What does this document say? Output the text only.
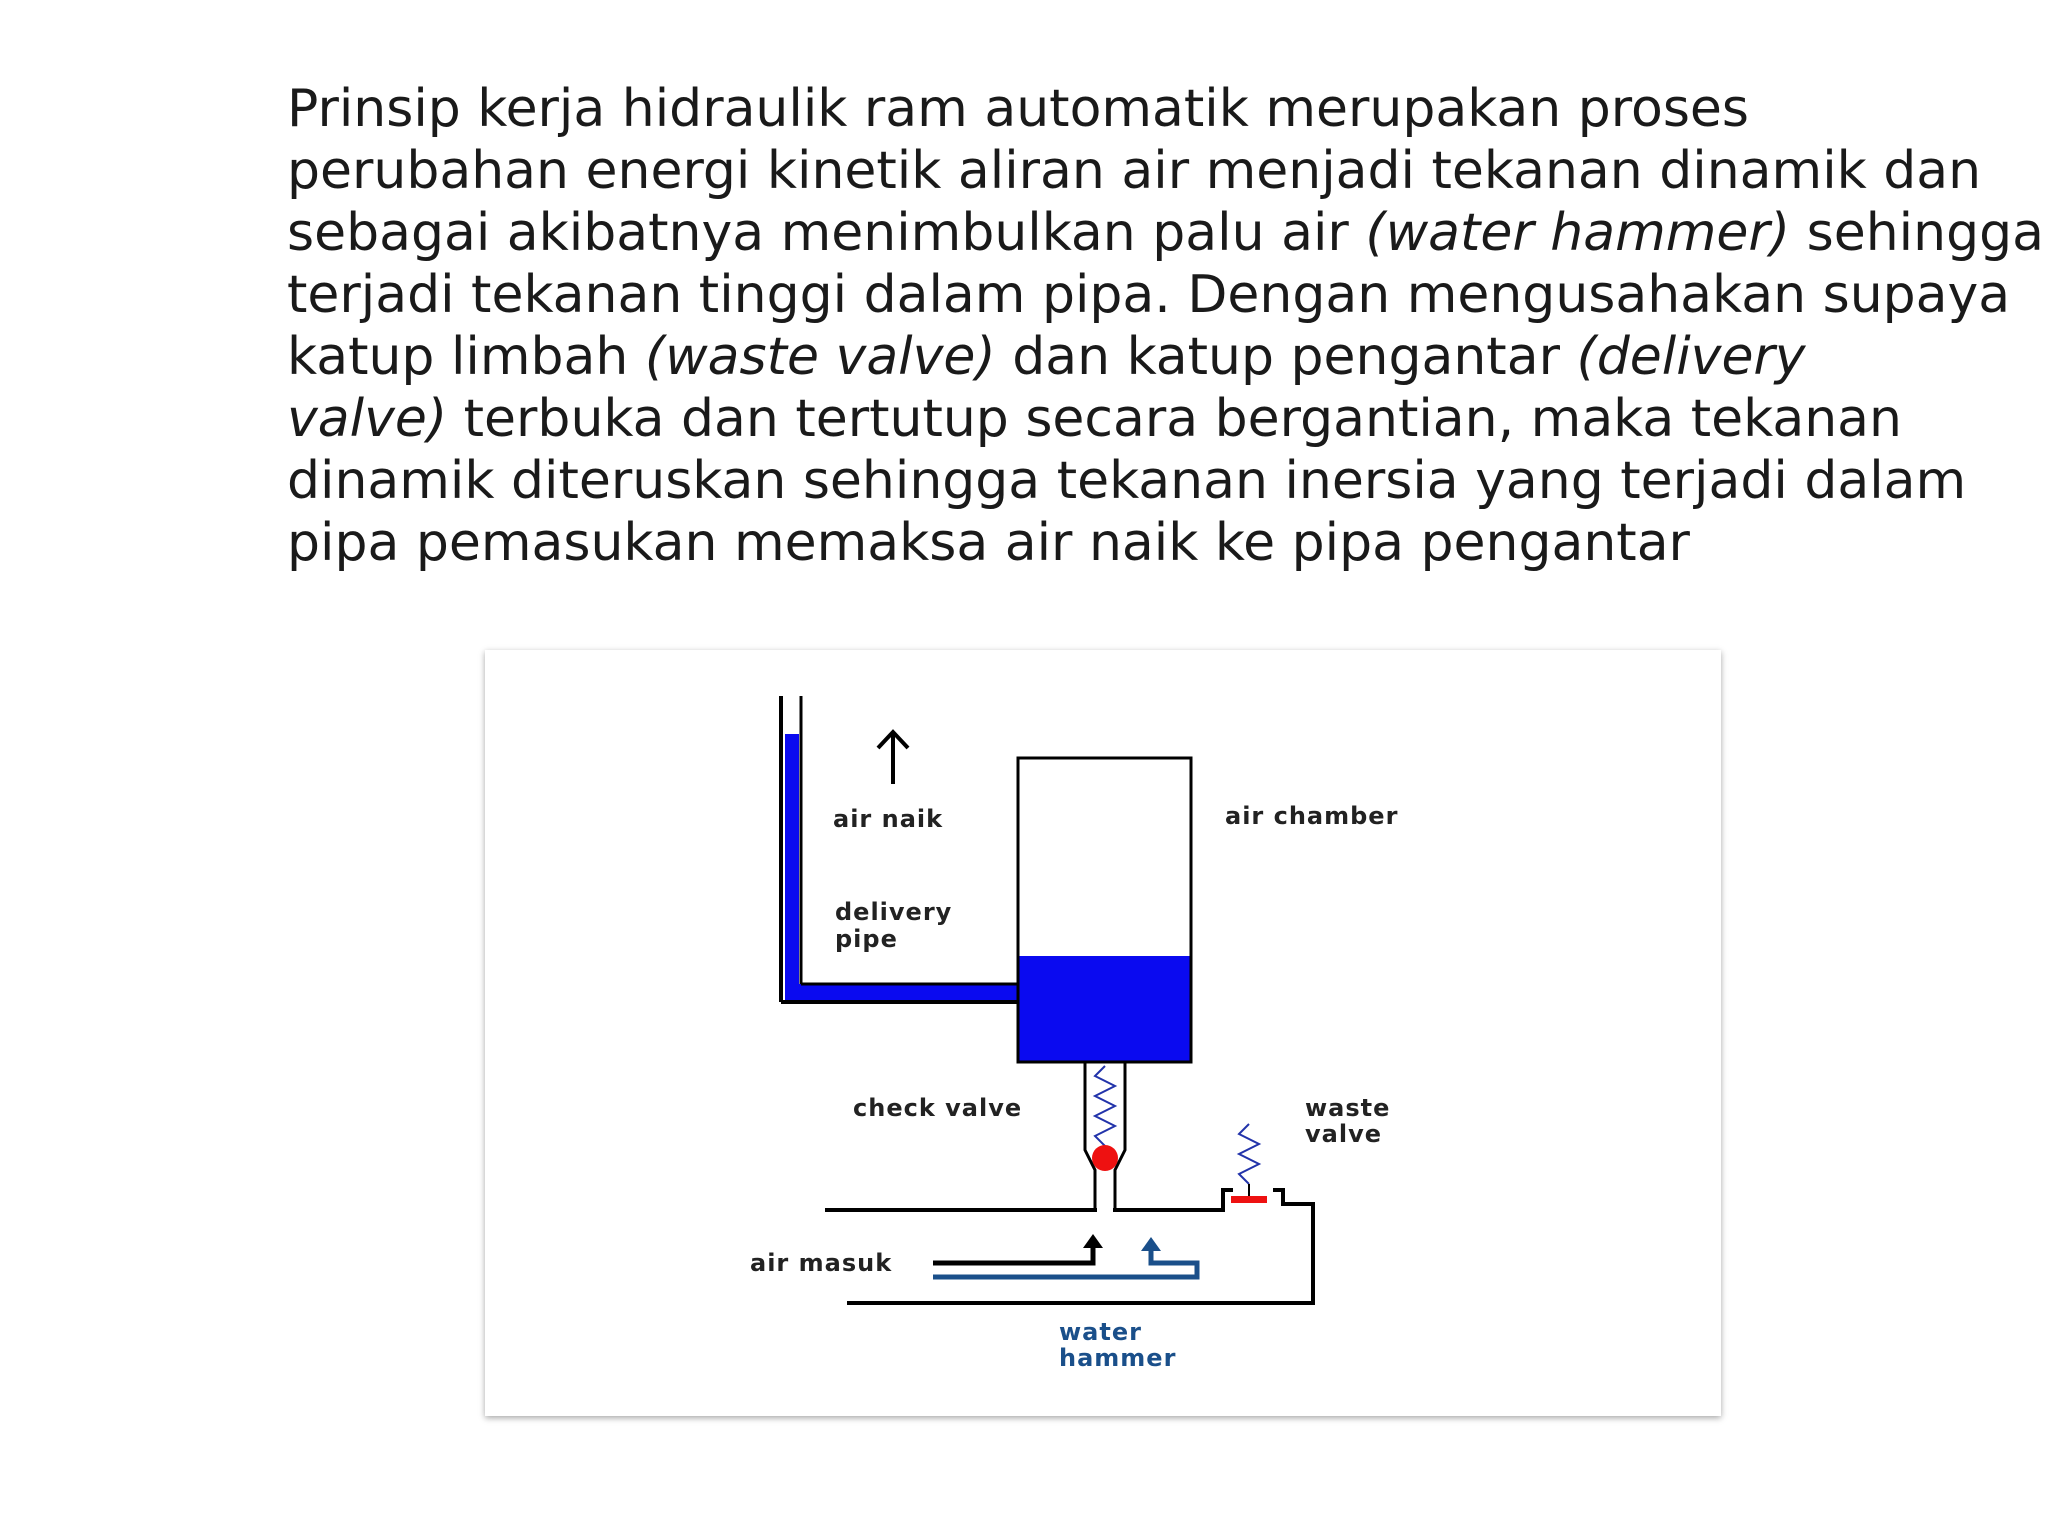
Prinsip kerja hidraulik ram automatik merupakan proses
perubahan energi kinetik aliran air menjadi tekanan dinamik dan
sebagai akibatnya menimbulkan palu air (water hammer) sehingga
terjadi tekanan tinggi dalam pipa. Dengan mengusahakan supaya
katup limbah (waste valve) dan katup pengantar (delivery
valve) terbuka dan tertutup secara bergantian, maka tekanan
dinamik diteruskan sehingga tekanan inersia yang terjadi dalam
pipa pemasukan memaksa air naik ke pipa pengantar

air naik	air chamber
delivery
pipe
check valve	waste
valve
air masuk
water
hammer
